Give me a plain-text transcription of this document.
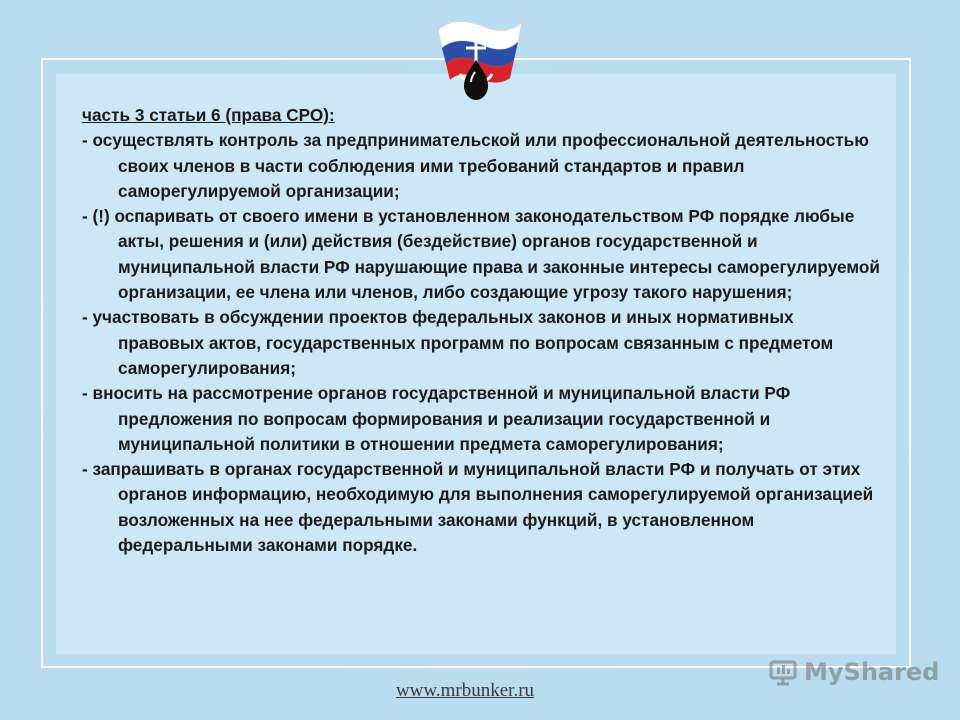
часть 3 статьи 6 (права СРО):

- осуществлять контроль за предпринимательской или профессиональной деятельностью своих членов в части соблюдения ими требований стандартов и правил саморегулируемой организации;

- (!) оспаривать от своего имени в установленном законодательством РФ порядке любые акты, решения и (или) действия (бездействие) органов государственной и муниципальной власти РФ нарушающие права и законные интересы саморегулируемой организации, ее члена или членов, либо создающие угрозу такого нарушения;

- участвовать в обсуждении проектов федеральных законов и иных нормативных правовых актов, государственных программ по вопросам связанным с предметом саморегулирования;

- вносить на рассмотрение органов государственной и муниципальной власти РФ предложения по вопросам формирования и реализации государственной и муниципальной политики в отношении предмета саморегулирования;

- запрашивать в органах государственной и муниципальной власти РФ и получать от этих органов информацию, необходимую для выполнения саморегулируемой организацией возложенных на нее федеральными законами функций, в установленном федеральными законами порядке.

MyShared
www.mrbunker.ru
